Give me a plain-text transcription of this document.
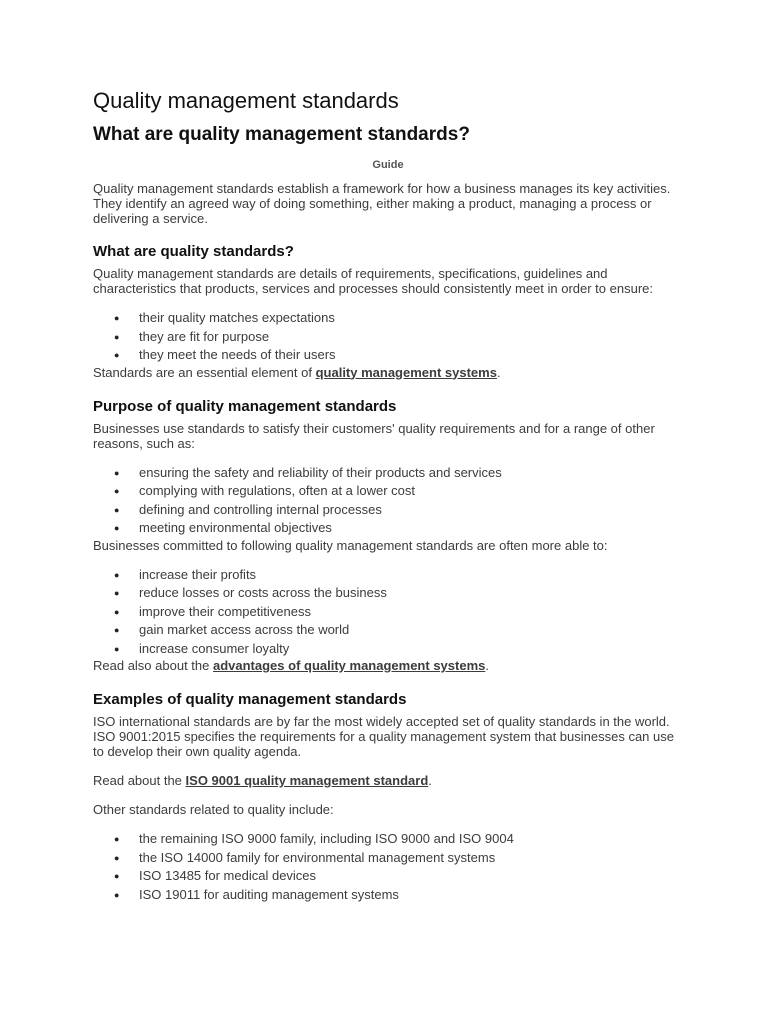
Quality management standards
What are quality management standards?
Guide

Quality management standards establish a framework for how a business manages its key activities. They identify an agreed way of doing something, either making a product, managing a process or delivering a service.

What are quality standards?

Quality management standards are details of requirements, specifications, guidelines and characteristics that products, services and processes should consistently meet in order to ensure:

● their quality matches expectations
● they are fit for purpose
● they meet the needs of their users

Standards are an essential element of quality management systems.

Purpose of quality management standards

Businesses use standards to satisfy their customers' quality requirements and for a range of other reasons, such as:

● ensuring the safety and reliability of their products and services
● complying with regulations, often at a lower cost
● defining and controlling internal processes
● meeting environmental objectives

Businesses committed to following quality management standards are often more able to:

● increase their profits
● reduce losses or costs across the business
● improve their competitiveness
● gain market access across the world
● increase consumer loyalty

Read also about the advantages of quality management systems.

Examples of quality management standards

ISO international standards are by far the most widely accepted set of quality standards in the world. ISO 9001:2015 specifies the requirements for a quality management system that businesses can use to develop their own quality agenda.

Read about the ISO 9001 quality management standard.

Other standards related to quality include:

● the remaining ISO 9000 family, including ISO 9000 and ISO 9004
● the ISO 14000 family for environmental management systems
● ISO 13485 for medical devices
● ISO 19011 for auditing management systems
